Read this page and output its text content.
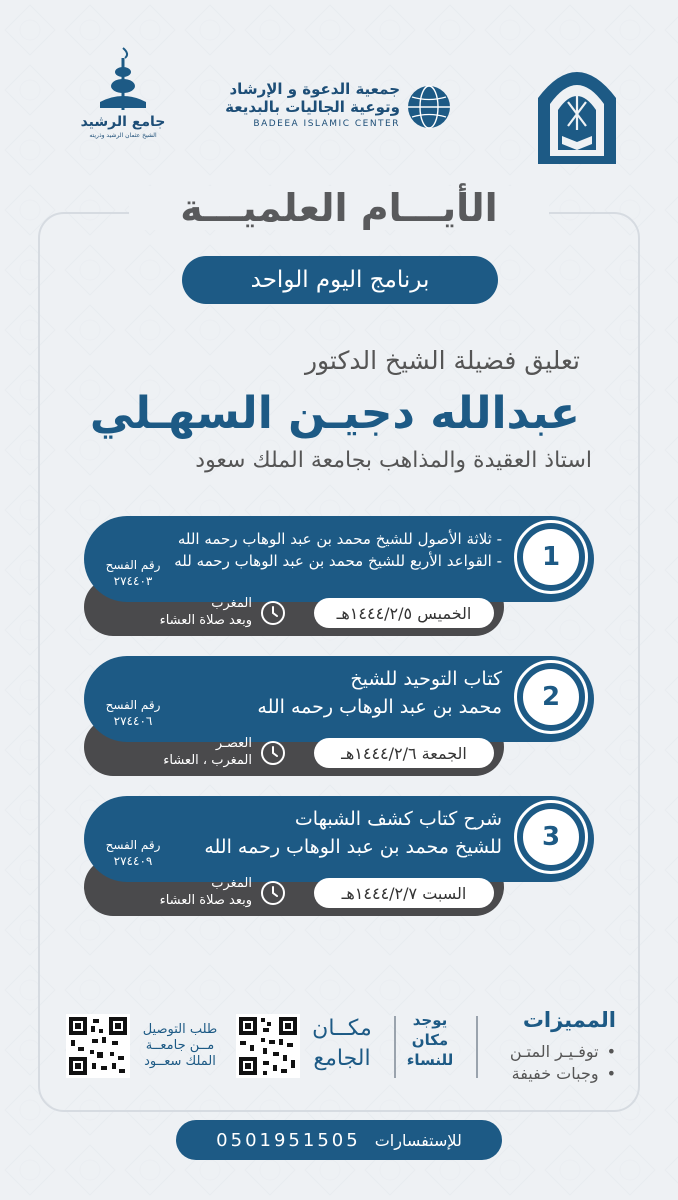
جمعية الدعوة و الإرشاد
وتوعية الجاليات بالبديعة
BADEEA ISLAMIC CENTER
جامع الرشيد
الشيخ عثمان الرشيد وذريته
الأيـــام العلميـــة
برنامج اليوم الواحد
تعليق فضيلة الشيخ الدكتور
عبدالله دجيـن السهـلي
استاذ العقيدة والمذاهب بجامعة الملك سعود
1
- ثلاثة الأصول للشيخ محمد بن عبد الوهاب رحمه الله
- القواعد الأربع للشيخ محمد بن عبد الوهاب رحمه لله
رقم الفسح
٢٧٤٤٠٣
الخميس ١٤٤٤/٢/٥هـ
المغرب
وبعد صلاة العشاء
2
كتاب التوحيد للشيخ
محمد بن عبد الوهاب رحمه الله
رقم الفسح
٢٧٤٤٠٦
الجمعة ١٤٤٤/٢/٦هـ
العصـر
المغرب ، العشاء
3
شرح كتاب كشف الشبهات
للشيخ محمد بن عبد الوهاب رحمه الله
رقم الفسح
٢٧٤٤٠٩
السبت ١٤٤٤/٢/٧هـ
المغرب
وبعد صلاة العشاء
المميزات
• توفـيـر المتـن
• وجبات خفيفة
يوجد
مكان
للنساء
مكــان
الجامع
طلب التوصيل
مــن جامعــة
الملك سعــود
للإستفسارات
0501951505
